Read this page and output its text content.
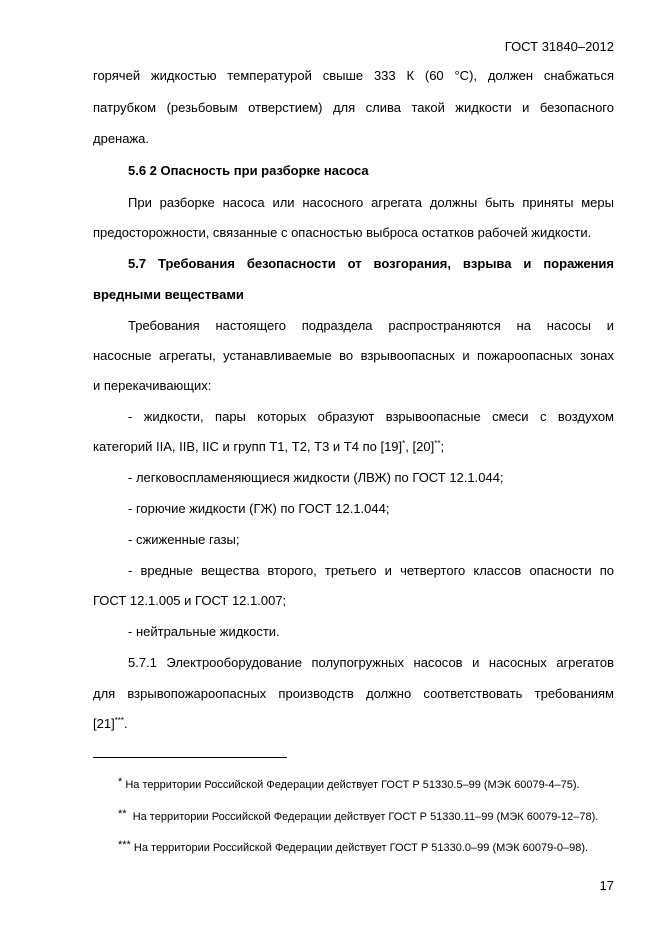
ГОСТ 31840–2012
горячей жидкостью температурой свыше 333 К (60 °С), должен снабжаться
патрубком (резьбовым отверстием) для слива такой жидкости и безопасного
дренажа.
5.6 2 Опасность при разборке насоса
При разборке насоса или насосного агрегата должны быть приняты меры
предосторожности, связанные с опасностью выброса остатков рабочей жидкости.
5.7 Требования безопасности от возгорания, взрыва и поражения
вредными веществами
Требования настоящего подраздела распространяются на насосы и
насосные агрегаты, устанавливаемые во взрывоопасных и пожароопасных зонах
и перекачивающих:
- жидкости, пары которых образуют взрывоопасные смеси с воздухом
категорий IIA, IIB, IIC и групп Т1, Т2, Т3 и Т4 по [19]*, [20]**;
- легковоспламеняющиеся жидкости (ЛВЖ) по ГОСТ 12.1.044;
- горючие жидкости (ГЖ) по ГОСТ 12.1.044;
- сжиженные газы;
- вредные вещества второго, третьего и четвертого классов опасности по
ГОСТ 12.1.005 и ГОСТ 12.1.007;
- нейтральные жидкости.
5.7.1 Электрооборудование полупогружных насосов и насосных агрегатов
для взрывопожароопасных производств должно соответствовать требованиям
[21]***.
* На территории Российской Федерации действует ГОСТ Р 51330.5–99 (МЭК 60079-4–75).
** На территории Российской Федерации действует ГОСТ Р 51330.11–99 (МЭК 60079-12–78).
*** На территории Российской Федерации действует ГОСТ Р 51330.0–99 (МЭК 60079-0–98).
17
